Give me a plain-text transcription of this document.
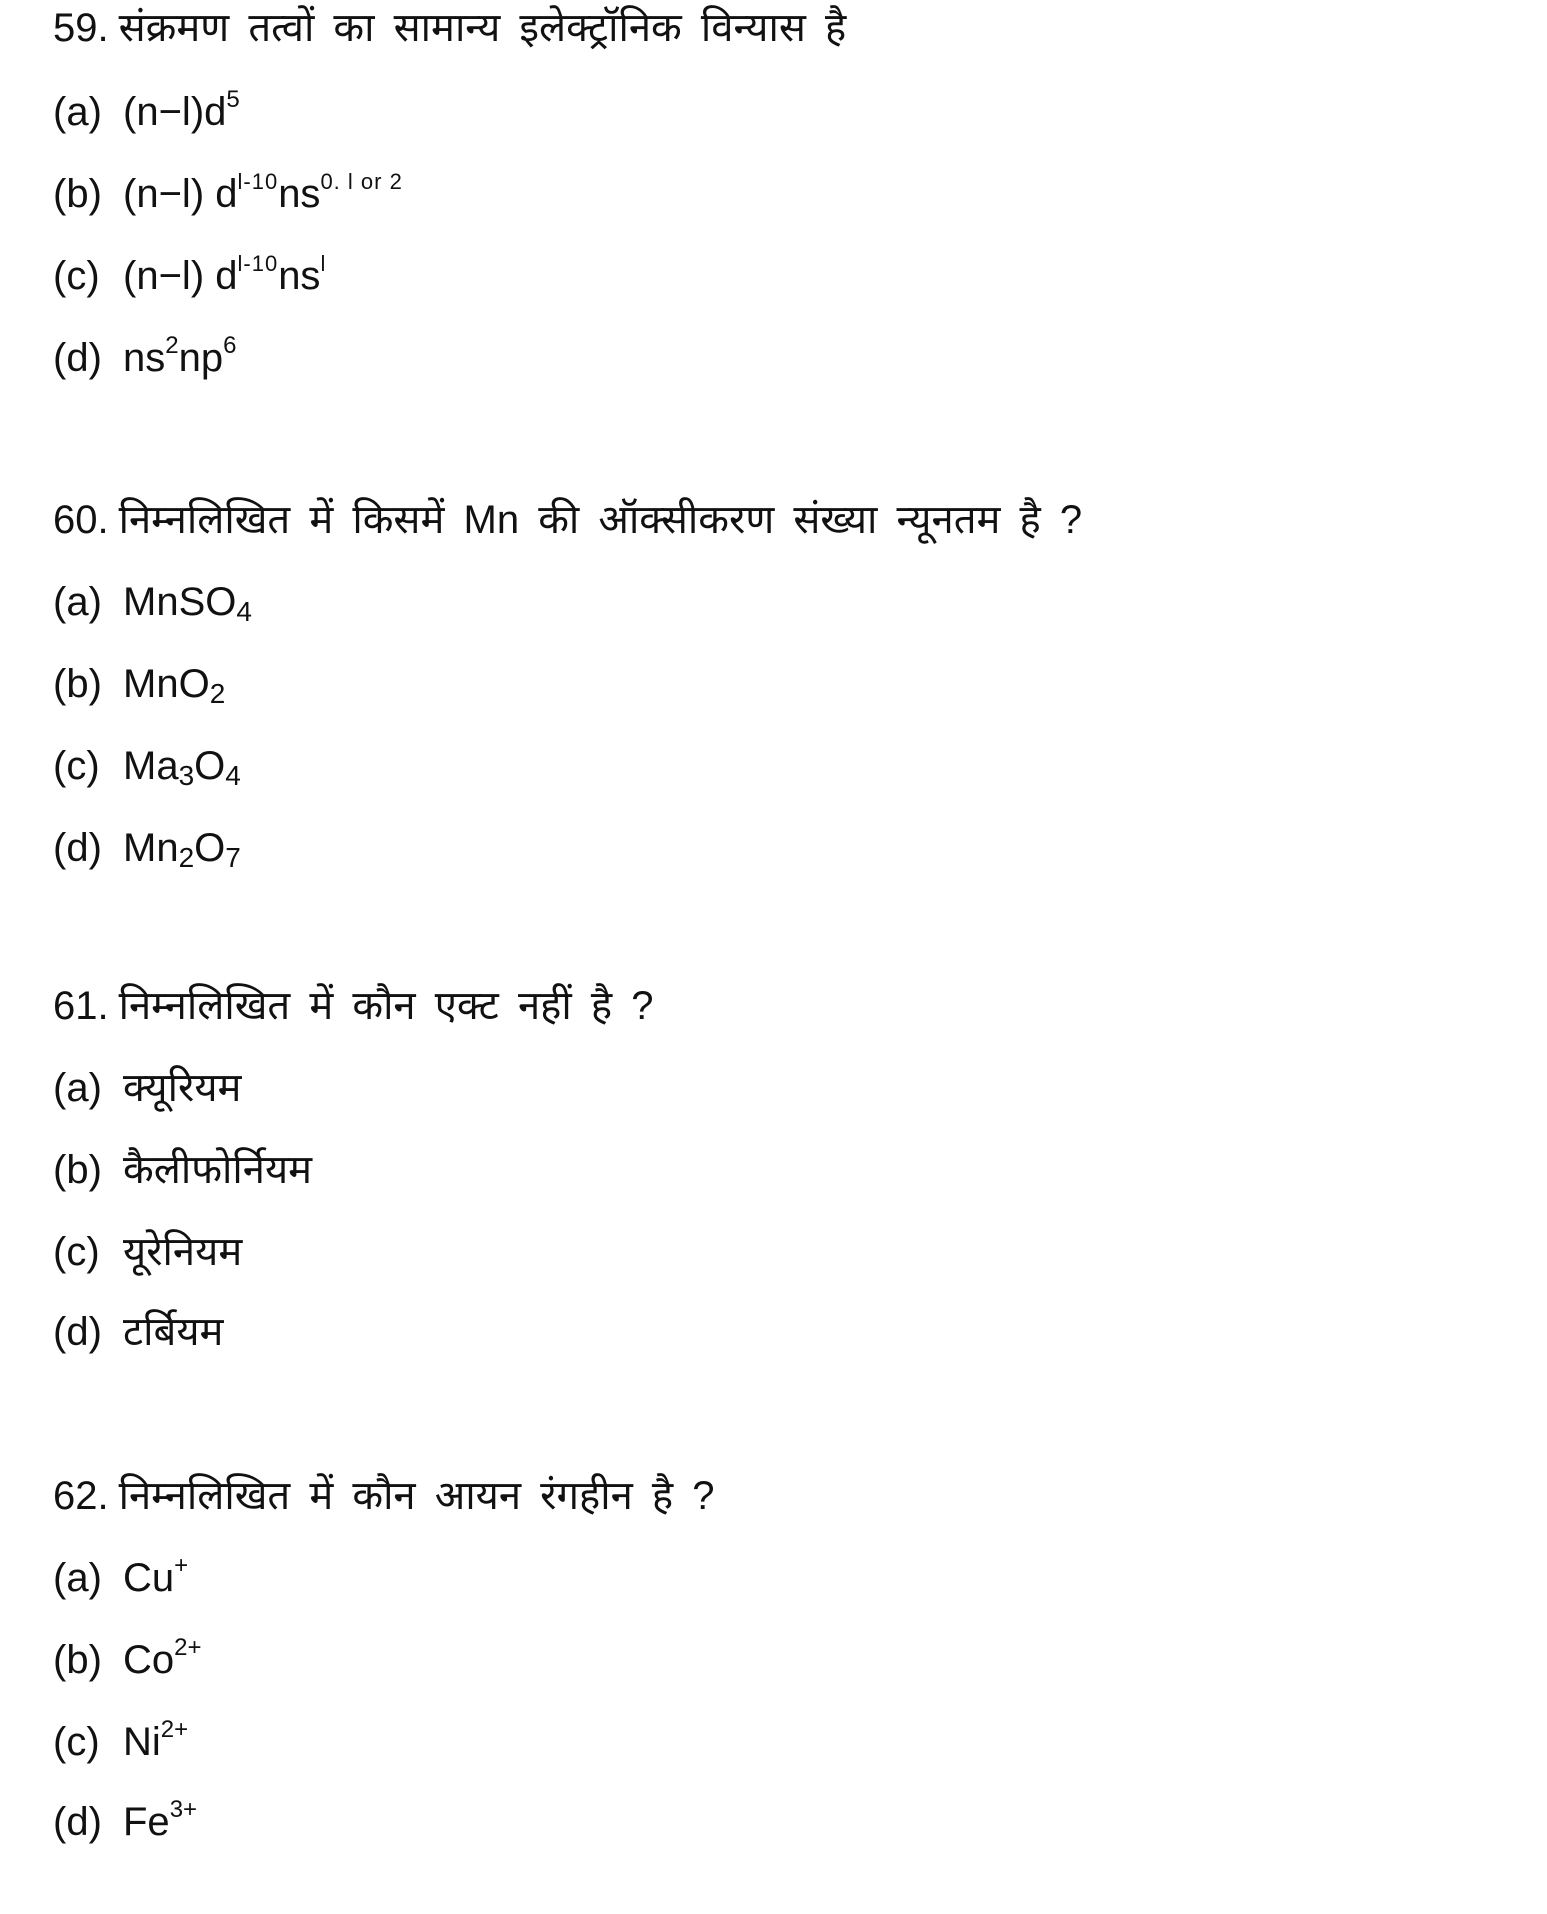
59. संक्रमण तत्वों का सामान्य इलेक्ट्रॉनिक विन्यास है
(a) $(n-l)d^5$
(b) (n−l) $d^{l-10}ns^{0. l or 2}$
(c) (n−l) $d^{l-10}ns^l$
(d) $ns^2np^6$
60. निम्नलिखित में किसमें Mn की ऑक्सीकरण संख्या न्यूनतम है ?
(a) MnSO$_4$
(b) MnO$_2$
(c) $Ma_3O_4$
(d) $Mn_2O_7$
61. निम्नलिखित में कौन एक्ट नहीं है ?
(a) क्यूरियम
(b) कैलीफोर्नियम
(c) यूरेनियम
(d) टर्बियम
62. निम्नलिखित में कौन आयन रंगहीन है ?
(a) Cu+
(b) $Co^{2+}$
(c) $Ni^{2+}$
(d) $Fe^{3+}$
